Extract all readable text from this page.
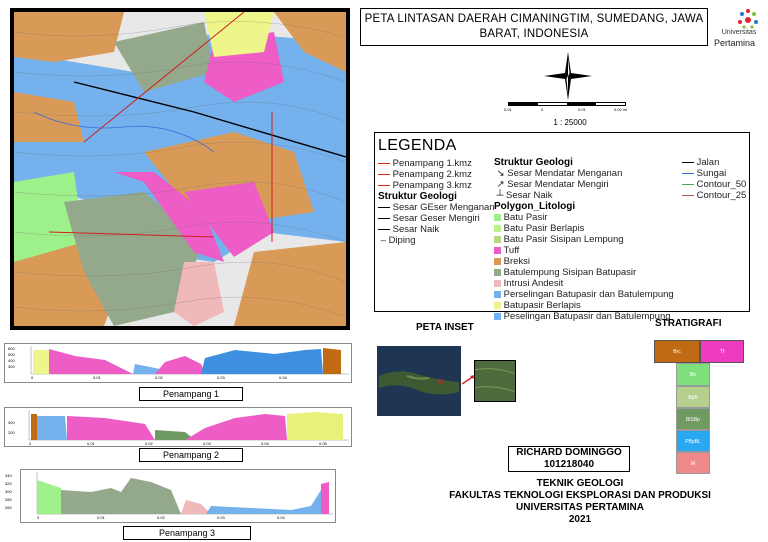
PETA LINTASAN DAERAH CIMANINGTIM, SUMEDANG, JAWA BARAT, INDONESIA	Universitas
Pertamina
0.01	0	0.01	0.02 mi
1 : 25000
LEGENDA
Penampang 1.kmz
Penampang 2.kmz
Penampang 3.kmz
Struktur Geologi
Sesar GEser Menganan
Sesar Geser Mengiri
Sesar Naik
– Diping
Struktur Geologi
↘ Sesar Mendatar Menganan
↗ Sesar Mendatar Mengiri
┴ Sesar Naik
Polygon_Litologi
Batu Pasir
Batu Pasir Berlapis
Batu Pasir Sisipan Lempung
Tuff
Breksi
Batulempung Sisipan Batupasir
Intrusi Andesit
Perselingan Batupasir dan Batulempung
Batupasir Berlapis
Peselingan Batupasir dan Batulempung
Jalan
Sungai
Contour_50
Contour_25
PETA INSET	STRATIGRAFI
Brc	Tf
Bp
BpB
BlSBp
PBpBL
IA
600
500
400
300
0	0.01	0.02	0.03	0.04
Penampang 1
300
200
0	0.01	0.02	0.03	0.04	0.05
Penampang 2
340
320
300
280
260
0	0.01	0.02	0.03	0.04
Penampang 3
RICHARD DOMINGGO
101218040
TEKNIK GEOLOGI
FAKULTAS TEKNOLOGI EKSPLORASI DAN PRODUKSI
UNIVERSITAS PERTAMINA
2021
